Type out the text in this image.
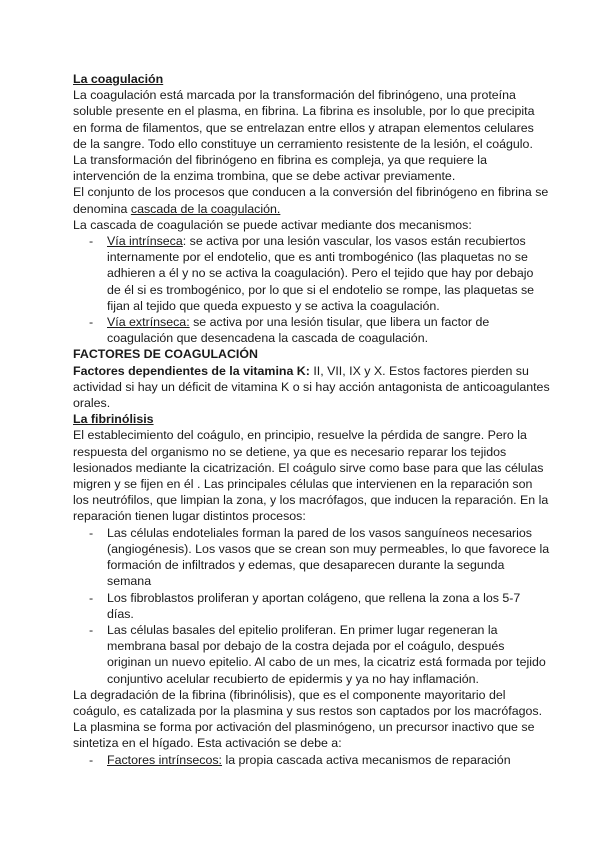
La coagulación

La coagulación está marcada por la transformación del fibrinógeno, una proteína soluble presente en el plasma, en fibrina. La fibrina es insoluble, por lo que precipita en forma de filamentos, que se entrelazan entre ellos y atrapan elementos celulares de la sangre. Todo ello constituye un cerramiento resistente de la lesión, el coágulo.

La transformación del fibrinógeno en fibrina es compleja, ya que requiere la intervención de la enzima trombina, que se debe activar previamente.

El conjunto de los procesos que conducen a la conversión del fibrinógeno en fibrina se denomina cascada de la coagulación.

La cascada de coagulación se puede activar mediante dos mecanismos:

- Vía intrínseca: se activa por una lesión vascular, los vasos están recubiertos internamente por el endotelio, que es anti trombogénico (las plaquetas no se adhieren a él y no se activa la coagulación). Pero el tejido que hay por debajo de él si es trombogénico, por lo que si el endotelio se rompe, las plaquetas se fijan al tejido que queda expuesto y se activa la coagulación.
- Vía extrínseca: se activa por una lesión tisular, que libera un factor de coagulación que desencadena la cascada de coagulación.

FACTORES DE COAGULACIÓN

Factores dependientes de la vitamina K: II, VII, IX y X. Estos factores pierden su actividad si hay un déficit de vitamina K o si hay acción antagonista de anticoagulantes orales.

La fibrinólisis

El establecimiento del coágulo, en principio, resuelve la pérdida de sangre. Pero la respuesta del organismo no se detiene, ya que es necesario reparar los tejidos lesionados mediante la cicatrización. El coágulo sirve como base para que las células migren y se fijen en él . Las principales células que intervienen en la reparación son los neutrófilos, que limpian la zona, y los macrófagos, que inducen la reparación. En la reparación tienen lugar distintos procesos:

- Las células endoteliales forman la pared de los vasos sanguíneos necesarios (angiogénesis). Los vasos que se crean son muy permeables, lo que favorece la formación de infiltrados y edemas, que desaparecen durante la segunda semana
- Los fibroblastos proliferan y aportan colágeno, que rellena la zona a los 5-7 días.
- Las células basales del epitelio proliferan. En primer lugar regeneran la membrana basal por debajo de la costra dejada por el coágulo, después originan un nuevo epitelio. Al cabo de un mes, la cicatriz está formada por tejido conjuntivo acelular recubierto de epidermis y ya no hay inflamación.

La degradación de la fibrina (fibrinólisis), que es el componente mayoritario del coágulo, es catalizada por la plasmina y sus restos son captados por los macrófagos. La plasmina se forma por activación del plasminógeno, un precursor inactivo que se sintetiza en el hígado. Esta activación se debe a:

- Factores intrínsecos: la propia cascada activa mecanismos de reparación
